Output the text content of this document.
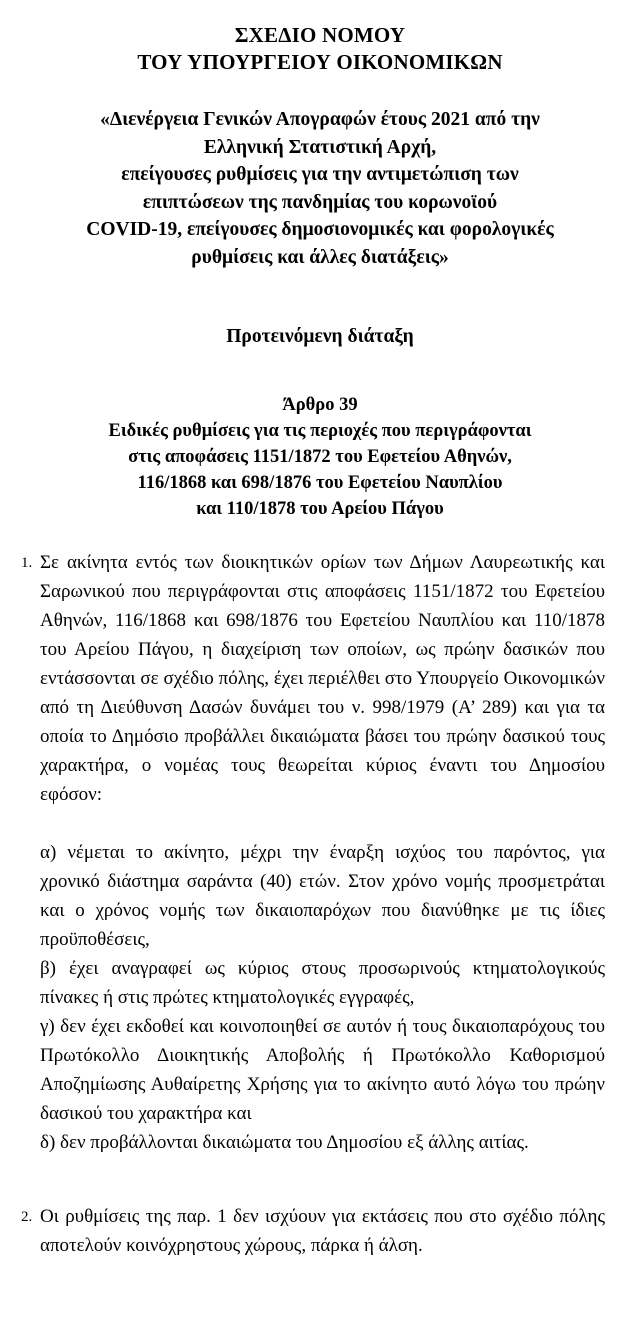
ΣΧΕΔΙΟ ΝΟΜΟΥ
ΤΟΥ ΥΠΟΥΡΓΕΙΟΥ ΟΙΚΟΝΟΜΙΚΩΝ
«Διενέργεια Γενικών Απογραφών έτους 2021 από την
Ελληνική Στατιστική Αρχή,
επείγουσες ρυθμίσεις για την αντιμετώπιση των
επιπτώσεων της πανδημίας του κορωνοϊού
COVID-19, επείγουσες δημοσιονομικές και φορολογικές
ρυθμίσεις και άλλες διατάξεις»
Προτεινόμενη διάταξη
Άρθρο 39
Ειδικές ρυθμίσεις για τις περιοχές που περιγράφονται
στις αποφάσεις 1151/1872 του Εφετείου Αθηνών,
116/1868 και 698/1876 του Εφετείου Ναυπλίου
και 110/1878 του Αρείου Πάγου
1. Σε ακίνητα εντός των διοικητικών ορίων των Δήμων Λαυρεωτικής και Σαρωνικού που περιγράφονται στις αποφάσεις 1151/1872 του Εφετείου Αθηνών, 116/1868 και 698/1876 του Εφετείου Ναυπλίου και 110/1878 του Αρείου Πάγου, η διαχείριση των οποίων, ως πρώην δασικών που εντάσσονται σε σχέδιο πόλης, έχει περιέλθει στο Υπουργείο Οικονομικών από τη Διεύθυνση Δασών δυνάμει του ν. 998/1979 (Α’ 289) και για τα οποία το Δημόσιο προβάλλει δικαιώματα βάσει του πρώην δασικού τους χαρακτήρα, ο νομέας τους θεωρείται κύριος έναντι του Δημοσίου εφόσον:
α) νέμεται το ακίνητο, μέχρι την έναρξη ισχύος του παρόντος, για χρονικό διάστημα σαράντα (40) ετών. Στον χρόνο νομής προσμετράται και ο χρόνος νομής των δικαιοπαρόχων που διανύθηκε με τις ίδιες προϋποθέσεις,
β) έχει αναγραφεί ως κύριος στους προσωρινούς κτηματολογικούς πίνακες ή στις πρώτες κτηματολογικές εγγραφές,
γ) δεν έχει εκδοθεί και κοινοποιηθεί σε αυτόν ή τους δικαιοπαρόχους του Πρωτόκολλο Διοικητικής Αποβολής ή Πρωτόκολλο Καθορισμού Αποζημίωσης Αυθαίρετης Χρήσης για το ακίνητο αυτό λόγω του πρώην δασικού του χαρακτήρα και
δ) δεν προβάλλονται δικαιώματα του Δημοσίου εξ άλλης αιτίας.
2. Οι ρυθμίσεις της παρ. 1 δεν ισχύουν για εκτάσεις που στο σχέδιο πόλης αποτελούν κοινόχρηστους χώρους, πάρκα ή άλση.
